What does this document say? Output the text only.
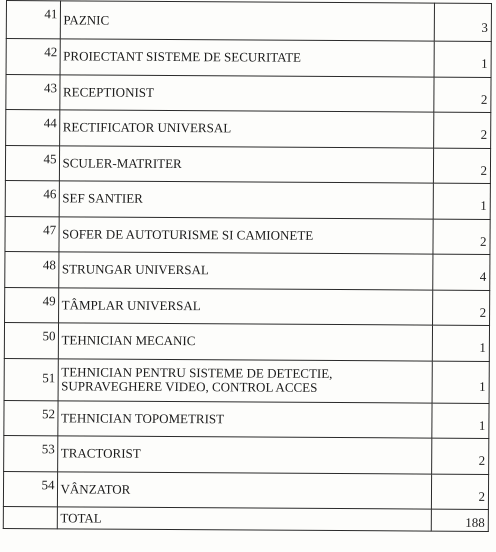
41	PAZNIC	3
42	PROIECTANT SISTEME DE SECURITATE	1
43	RECEPTIONIST	2
44	RECTIFICATOR UNIVERSAL	2
45	SCULER-MATRITER	2
46	SEF SANTIER	1
47	SOFER DE AUTOTURISME SI CAMIONETE	2
48	STRUNGAR UNIVERSAL	4
49	TÂMPLAR UNIVERSAL	2
50	TEHNICIAN MECANIC	1
51	TEHNICIAN PENTRU SISTEME DE DETECTIE, SUPRAVEGHERE VIDEO, CONTROL ACCES	1
52	TEHNICIAN TOPOMETRIST	1
53	TRACTORIST	2
54	VÂNZATOR	2
	TOTAL	188
